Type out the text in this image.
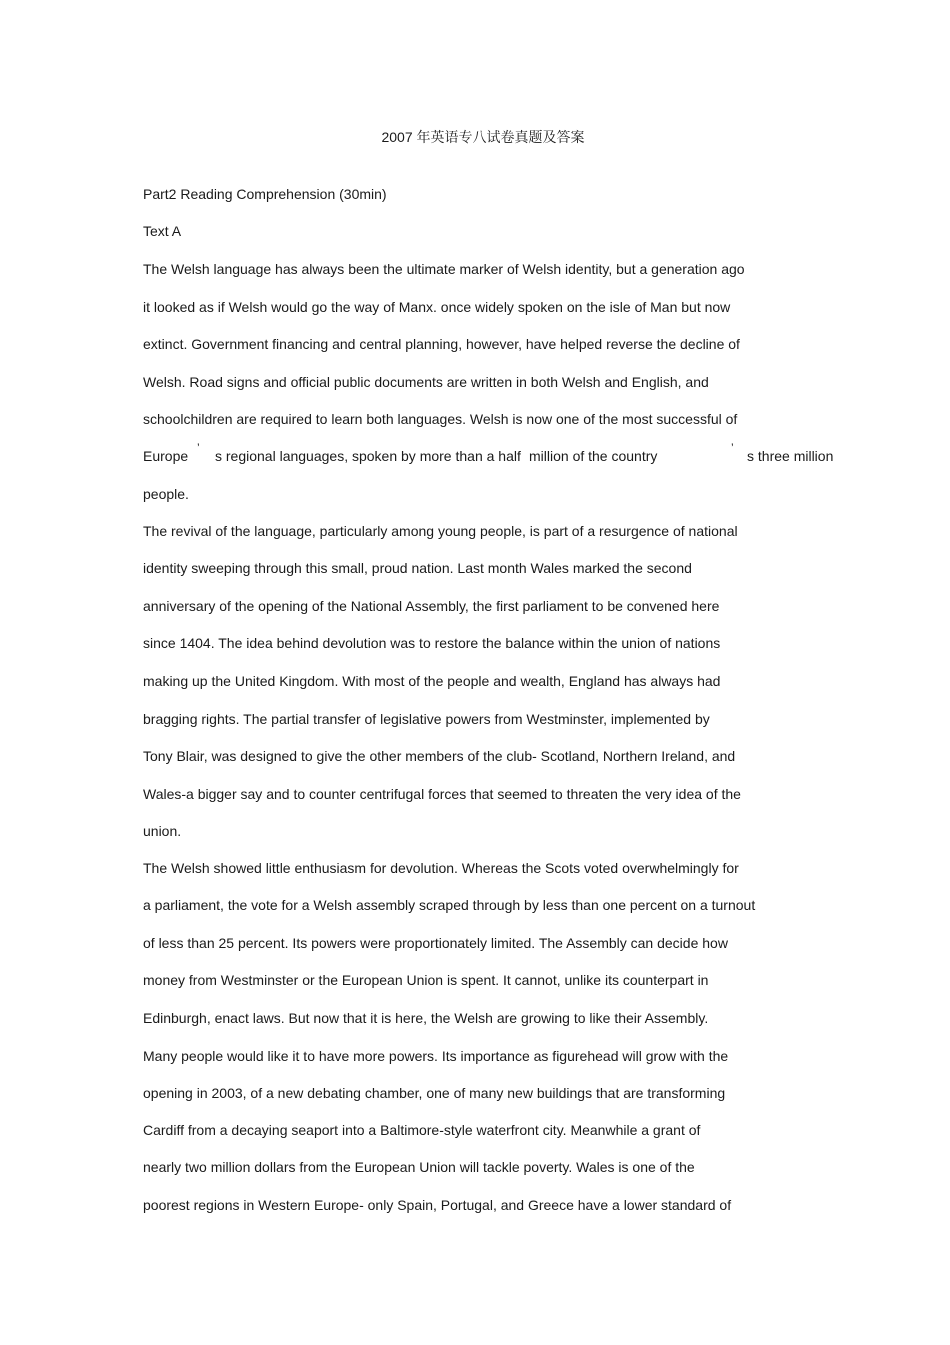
2007 年英语专八试卷真题及答案
Part2 Reading Comprehension (30min)
Text A
The Welsh language has always been the ultimate marker of Welsh identity, but a generation ago
it looked as if Welsh would go the way of Manx. once widely spoken on the isle of Man but now
extinct. Government financing and central planning, however, have helped reverse the decline of
Welsh. Road signs and official public documents are written in both Welsh and English, and
schoolchildren are required to learn both languages. Welsh is now one of the most successful of
Europe ’ s regional languages, spoken by more than a half million of the country	’ s three million
people.
The revival of the language, particularly among young people, is part of a resurgence of national
identity sweeping through this small, proud nation. Last month Wales marked the second
anniversary of the opening of the National Assembly, the first parliament to be convened here
since 1404. The idea behind devolution was to restore the balance within the union of nations
making up the United Kingdom. With most of the people and wealth, England has always had
bragging rights. The partial transfer of legislative powers from Westminster, implemented by
Tony Blair, was designed to give the other members of the club- Scotland, Northern Ireland, and
Wales-a bigger say and to counter centrifugal forces that seemed to threaten the very idea of the
union.
The Welsh showed little enthusiasm for devolution. Whereas the Scots voted overwhelmingly for
a parliament, the vote for a Welsh assembly scraped through by less than one percent on a turnout
of less than 25 percent. Its powers were proportionately limited. The Assembly can decide how
money from Westminster or the European Union is spent. It cannot, unlike its counterpart in
Edinburgh, enact laws. But now that it is here, the Welsh are growing to like their Assembly.
Many people would like it to have more powers. Its importance as figurehead will grow with the
opening in 2003, of a new debating chamber, one of many new buildings that are transforming
Cardiff from a decaying seaport into a Baltimore-style waterfront city. Meanwhile a grant of
nearly two million dollars from the European Union will tackle poverty. Wales is one of the
poorest regions in Western Europe- only Spain, Portugal, and Greece have a lower standard of
